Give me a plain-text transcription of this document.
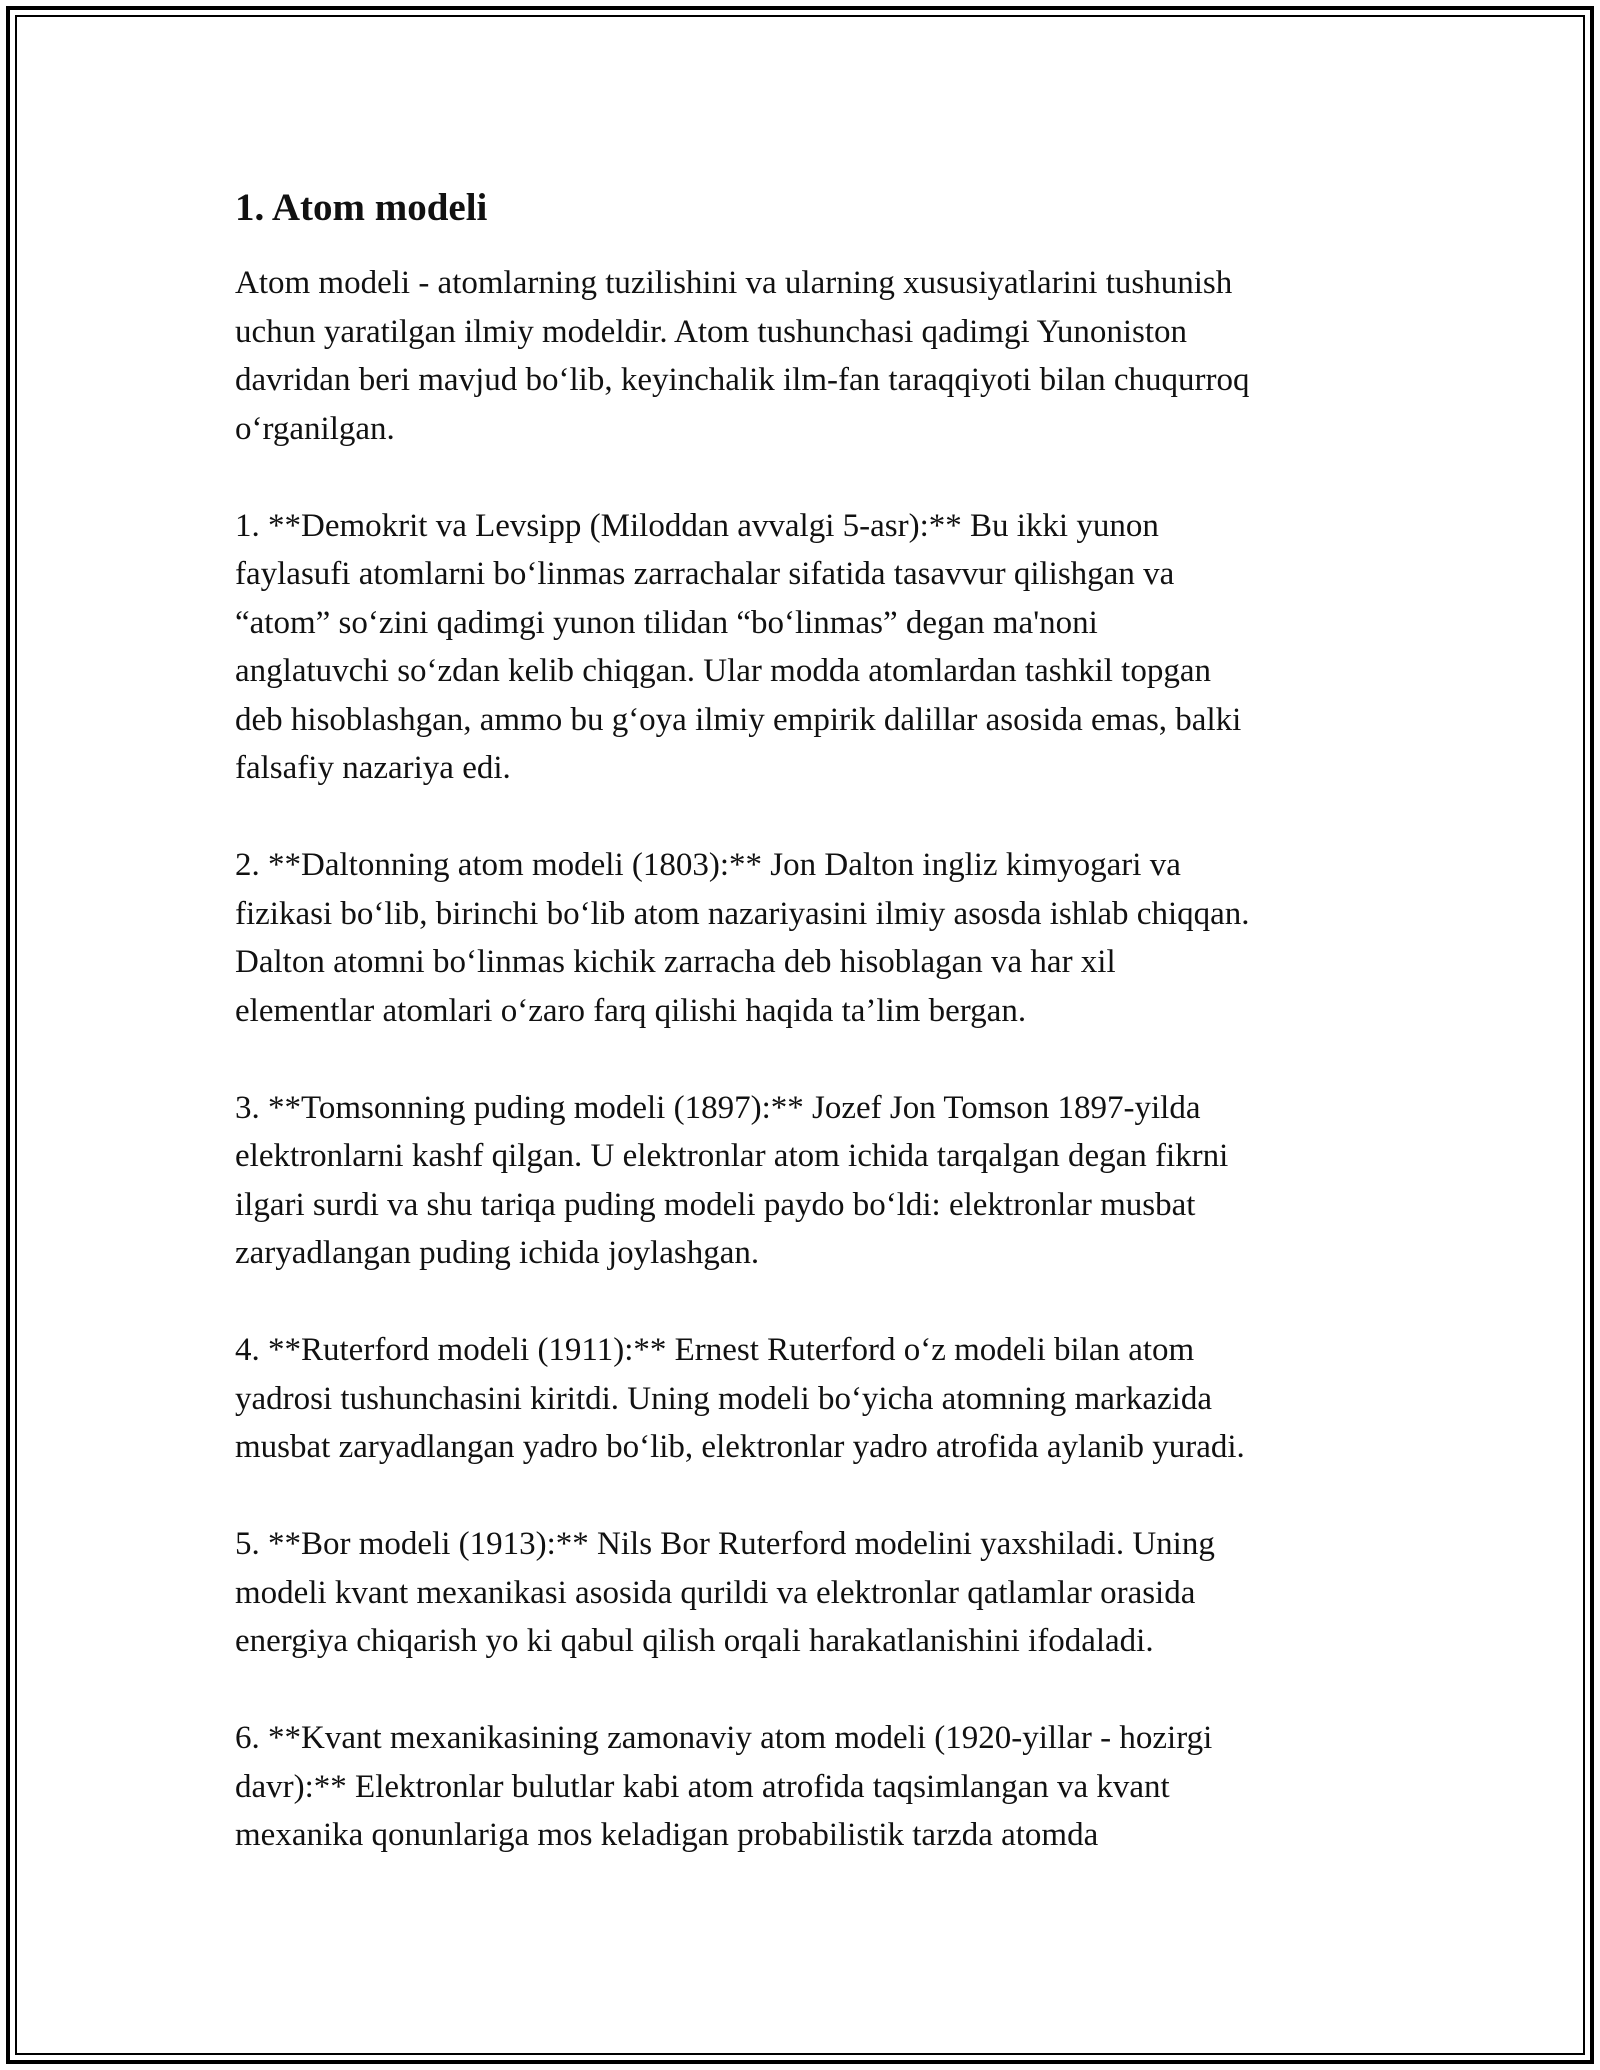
1. Atom modeli

Atom modeli - atomlarning tuzilishini va ularning xususiyatlarini tushunish
uchun yaratilgan ilmiy modeldir. Atom tushunchasi qadimgi Yunoniston
davridan beri mavjud bo‘lib, keyinchalik ilm-fan taraqqiyoti bilan chuqurroq
o‘rganilgan.

1. **Demokrit va Levsipp (Miloddan avvalgi 5-asr):** Bu ikki yunon
faylasufi atomlarni bo‘linmas zarrachalar sifatida tasavvur qilishgan va
“atom” so‘zini qadimgi yunon tilidan “bo‘linmas” degan ma'noni
anglatuvchi so‘zdan kelib chiqgan. Ular modda atomlardan tashkil topgan
deb hisoblashgan, ammo bu g‘oya ilmiy empirik dalillar asosida emas, balki
falsafiy nazariya edi.

2. **Daltonning atom modeli (1803):** Jon Dalton ingliz kimyogari va
fizikasi bo‘lib, birinchi bo‘lib atom nazariyasini ilmiy asosda ishlab chiqqan.
Dalton atomni bo‘linmas kichik zarracha deb hisoblagan va har xil
elementlar atomlari o‘zaro farq qilishi haqida ta’lim bergan.

3. **Tomsonning puding modeli (1897):** Jozef Jon Tomson 1897-yilda
elektronlarni kashf qilgan. U elektronlar atom ichida tarqalgan degan fikrni
ilgari surdi va shu tariqa puding modeli paydo bo‘ldi: elektronlar musbat
zaryadlangan puding ichida joylashgan.

4. **Ruterford modeli (1911):** Ernest Ruterford o‘z modeli bilan atom
yadrosi tushunchasini kiritdi. Uning modeli bo‘yicha atomning markazida
musbat zaryadlangan yadro bo‘lib, elektronlar yadro atrofida aylanib yuradi.

5. **Bor modeli (1913):** Nils Bor Ruterford modelini yaxshiladi. Uning
modeli kvant mexanikasi asosida qurildi va elektronlar qatlamlar orasida
energiya chiqarish yo ki qabul qilish orqali harakatlanishini ifodaladi.

6. **Kvant mexanikasining zamonaviy atom modeli (1920-yillar - hozirgi
davr):** Elektronlar bulutlar kabi atom atrofida taqsimlangan va kvant
mexanika qonunlariga mos keladigan probabilistik tarzda atomda
